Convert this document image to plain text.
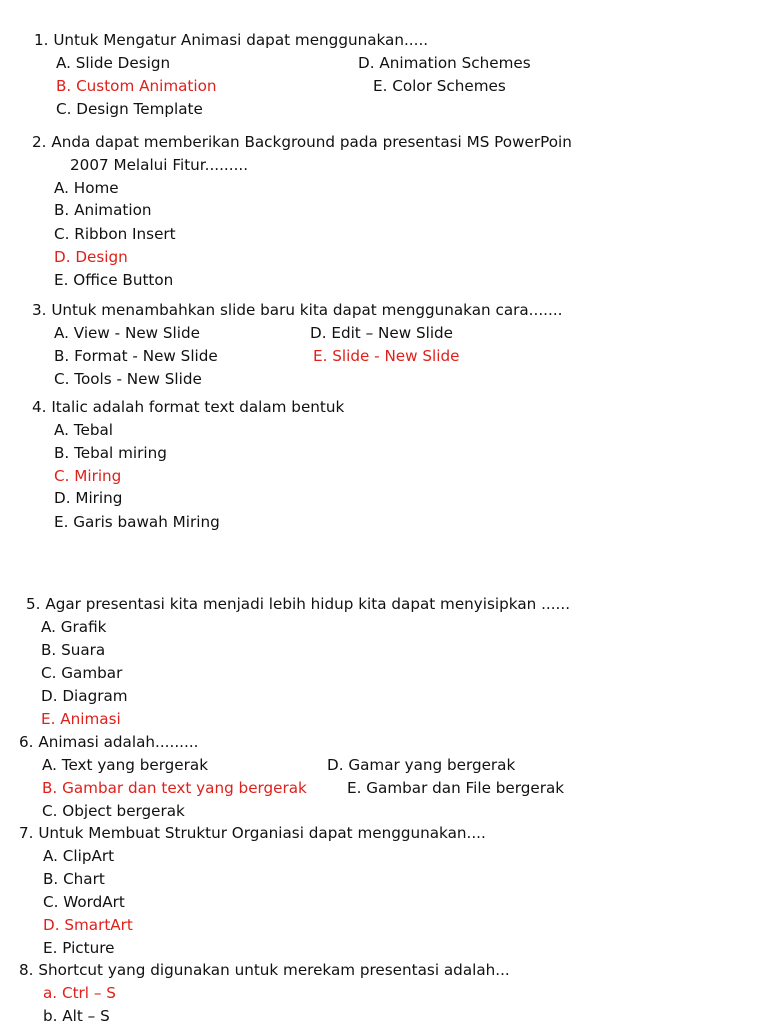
1. Untuk Mengatur Animasi dapat menggunakan.....
A. Slide Design
B. Custom Animation
C. Design Template
D. Animation Schemes
E. Color Schemes
2. Anda dapat memberikan Background pada presentasi MS PowerPoin
2007 Melalui Fitur.........
A. Home
B. Animation
C. Ribbon Insert
D. Design
E. Office Button
3. Untuk menambahkan slide baru kita dapat menggunakan cara.......
A. View - New Slide
B. Format - New Slide
C. Tools - New Slide
D. Edit – New Slide
E. Slide - New Slide
4. Italic adalah format text dalam bentuk
A. Tebal
B. Tebal miring
C. Miring
D. Miring
E. Garis bawah Miring
5. Agar presentasi kita menjadi lebih hidup kita dapat menyisipkan ......
A. Grafik
B. Suara
C. Gambar
D. Diagram
E. Animasi
6. Animasi adalah.........
A. Text yang bergerak
B. Gambar dan text yang bergerak
C. Object bergerak
D. Gamar yang bergerak
E. Gambar dan File bergerak
7. Untuk Membuat Struktur Organiasi dapat menggunakan....
A. ClipArt
B. Chart
C. WordArt
D. SmartArt
E. Picture
8. Shortcut yang digunakan untuk merekam presentasi adalah...
a. Ctrl – S
b. Alt – S
